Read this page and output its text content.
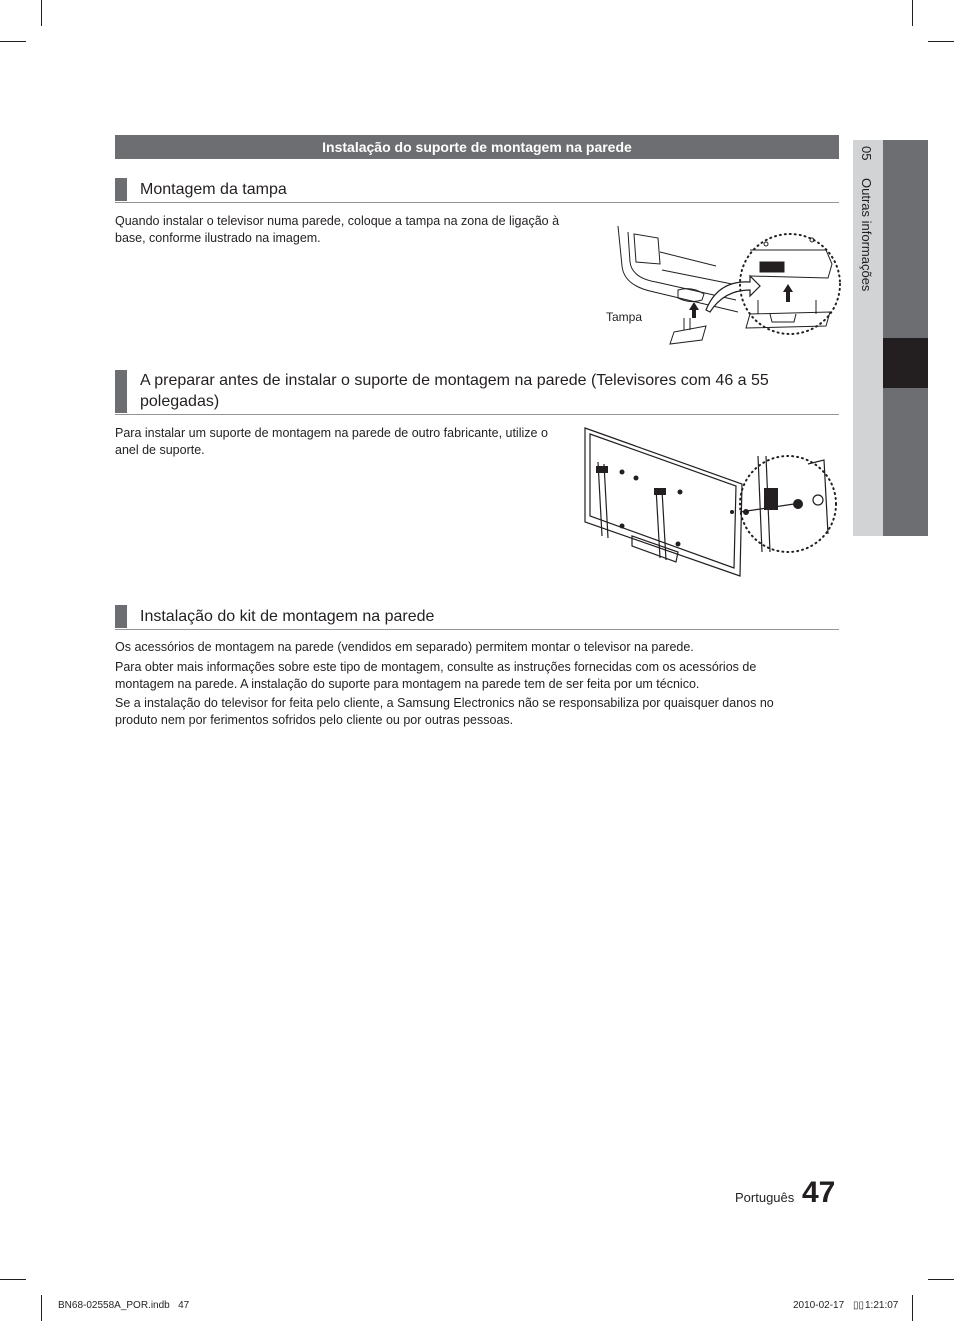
Instalação do suporte de montagem na parede	05
Outras informações
Montagem da tampa
Quando instalar o televisor numa parede, coloque a tampa na zona de ligação à base, conforme ilustrado na imagem.
Tampa
A preparar antes de instalar o suporte de montagem na parede (Televisores com 46 a 55 polegadas)
Para instalar um suporte de montagem na parede de outro fabricante, utilize o anel de suporte.
Instalação do kit de montagem na parede
Os acessórios de montagem na parede (vendidos em separado) permitem montar o televisor na parede.
Para obter mais informações sobre este tipo de montagem, consulte as instruções fornecidas com os acessórios de montagem na parede. A instalação do suporte para montagem na parede tem de ser feita por um técnico.
Se a instalação do televisor for feita pelo cliente, a Samsung Electronics não se responsabiliza por quaisquer danos no produto nem por ferimentos sofridos pelo cliente ou por outras pessoas.
Português 47
BN68-02558A_POR.indb   47	2010-02-17 ▯▯ 1:21:07
